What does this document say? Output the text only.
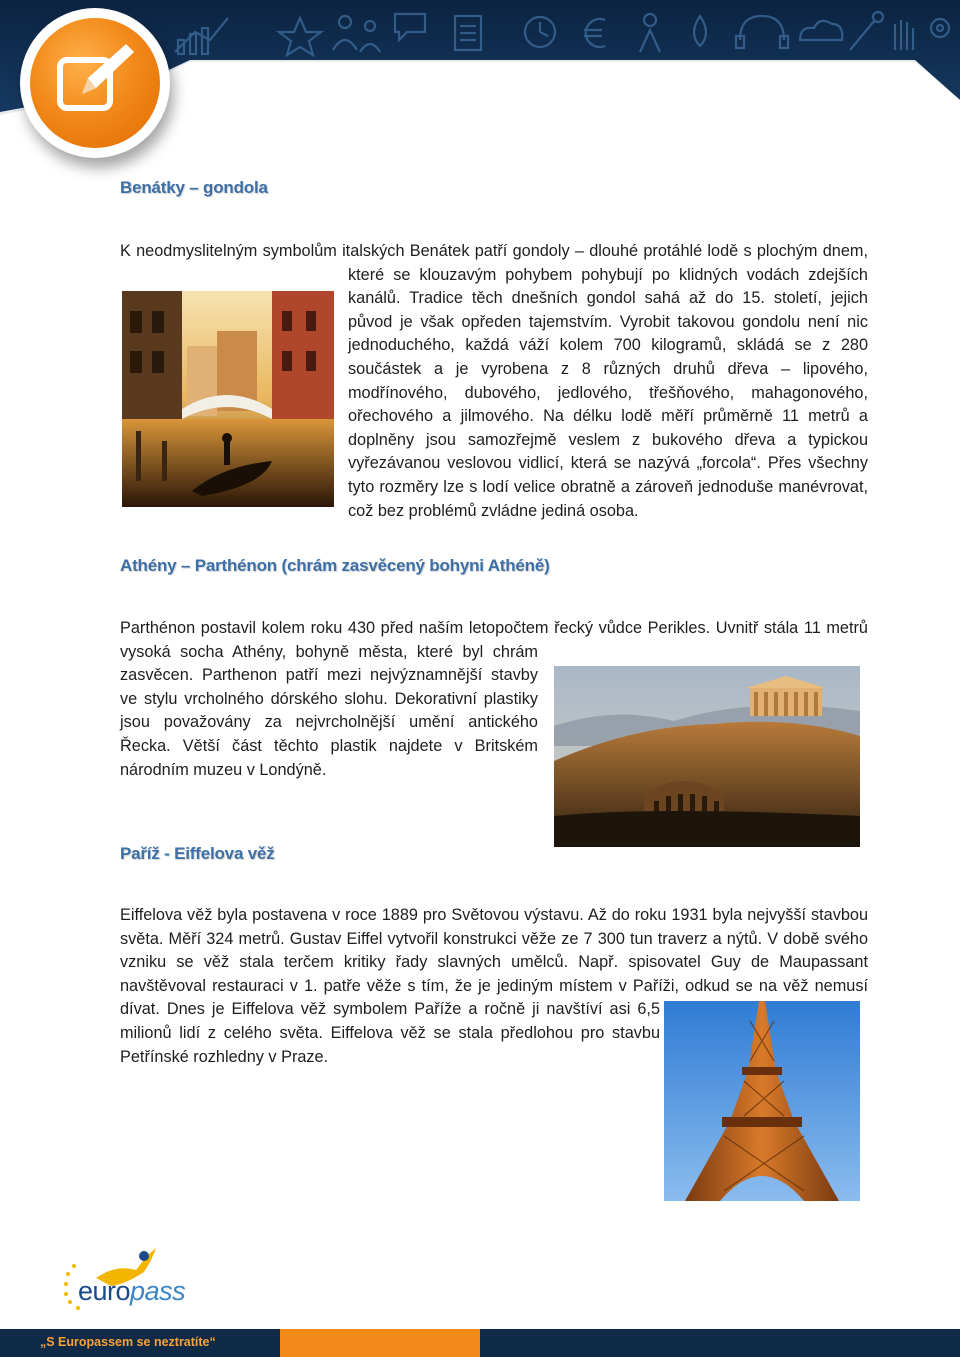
Benátky – gondola

K neodmyslitelným symbolům italských Benátek patří gondoly – dlouhé protáhlé lodě s plochým dnem, které se klouzavým pohybem pohybují po klidných vodách zdejších kanálů. Tradice těch dnešních gondol sahá až do 15. století, jejich původ je však opředen tajemstvím. Vyrobit takovou gondolu není nic jednoduchého, každá váží kolem 700 kilogramů, skládá se z 280 součástek a je vyrobena z 8 různých druhů dřeva – lipového, modřínového, dubového, jedlového, třešňového, mahagonového, ořechového a jilmového. Na délku lodě měří průměrně 11 metrů a doplněny jsou samozřejmě veslem z bukového dřeva a typickou vyřezávanou veslovou vidlicí, která se nazývá „forcola“. Přes všechny tyto rozměry lze s lodí velice obratně a zároveň jednoduše manévrovat, což bez problémů zvládne jediná osoba.

Athény – Parthénon (chrám zasvěcený bohyni Athéně)

Parthénon postavil kolem roku 430 před naším letopočtem řecký vůdce Perikles. Uvnitř stála 11 metrů vysoká socha Athény, bohyně města, které byl chrám zasvěcen. Parthenon patří mezi nejvýznamnější stavby ve stylu vrcholného dórského slohu. Dekorativní plastiky jsou považovány za nejvrcholnější umění antického Řecka. Větší část těchto plastik najdete v Britském národním muzeu v Londýně.

Paříž - Eiffelova věž

Eiffelova věž byla postavena v roce 1889 pro Světovou výstavu. Až do roku 1931 byla nejvyšší stavbou světa. Měří 324 metrů. Gustav Eiffel vytvořil konstrukci věže ze 7 300 tun traverz a nýtů. V době svého vzniku se věž stala terčem kritiky řady slavných umělců. Např. spisovatel Guy de Maupassant navštěvoval restauraci v 1. patře věže s tím, že je jediným místem v Paříži, odkud se na věž nemusí dívat. Dnes je Eiffelova věž symbolem Paříže a ročně ji navštíví asi 6,5 milionů lidí z celého světa. Eiffelova věž se stala předlohou pro stavbu Petřínské rozhledny v Praze.

europass
„S Europassem se neztratíte“
